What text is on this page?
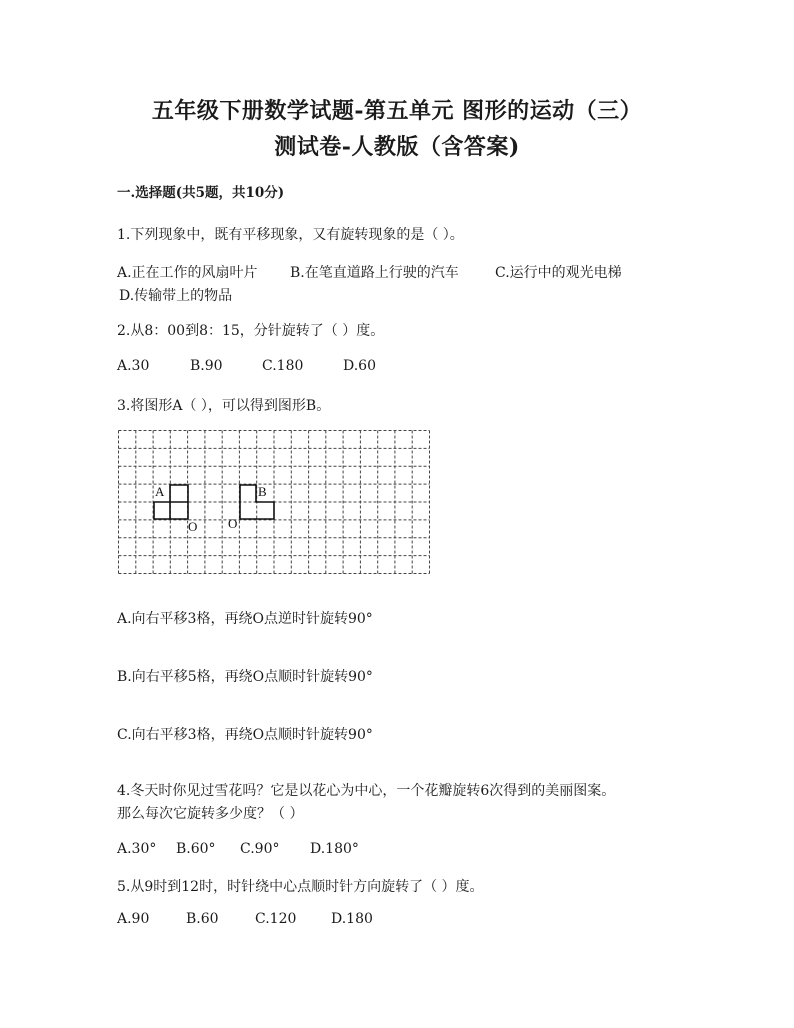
五年级下册数学试题-第五单元 图形的运动（三）
测试卷-人教版（含答案)
一.选择题(共5题，共10分)
1.下列现象中，既有平移现象，又有旋转现象的是（ ）。
A.正在工作的风扇叶片 B.在笔直道路上行驶的汽车	C.运行中的观光电梯
D.传输带上的物品
2.从8：00到8：15，分针旋转了（ ）度。
A.30	B.90	C.180	D.60
3.将图形A（ ），可以得到图形B。
A	B
O O
A.向右平移3格，再绕O点逆时针旋转90°
B.向右平移5格，再绕O点顺时针旋转90°
C.向右平移3格，再绕O点顺时针旋转90°
4.冬天时你见过雪花吗？它是以花心为中心，一个花瓣旋转6次得到的美丽图案。
那么每次它旋转多少度？（ ）
A.30° B.60° C.90° D.180°
5.从9时到12时，时针绕中心点顺时针方向旋转了（ ）度。
A.90	B.60	C.120 D.180
